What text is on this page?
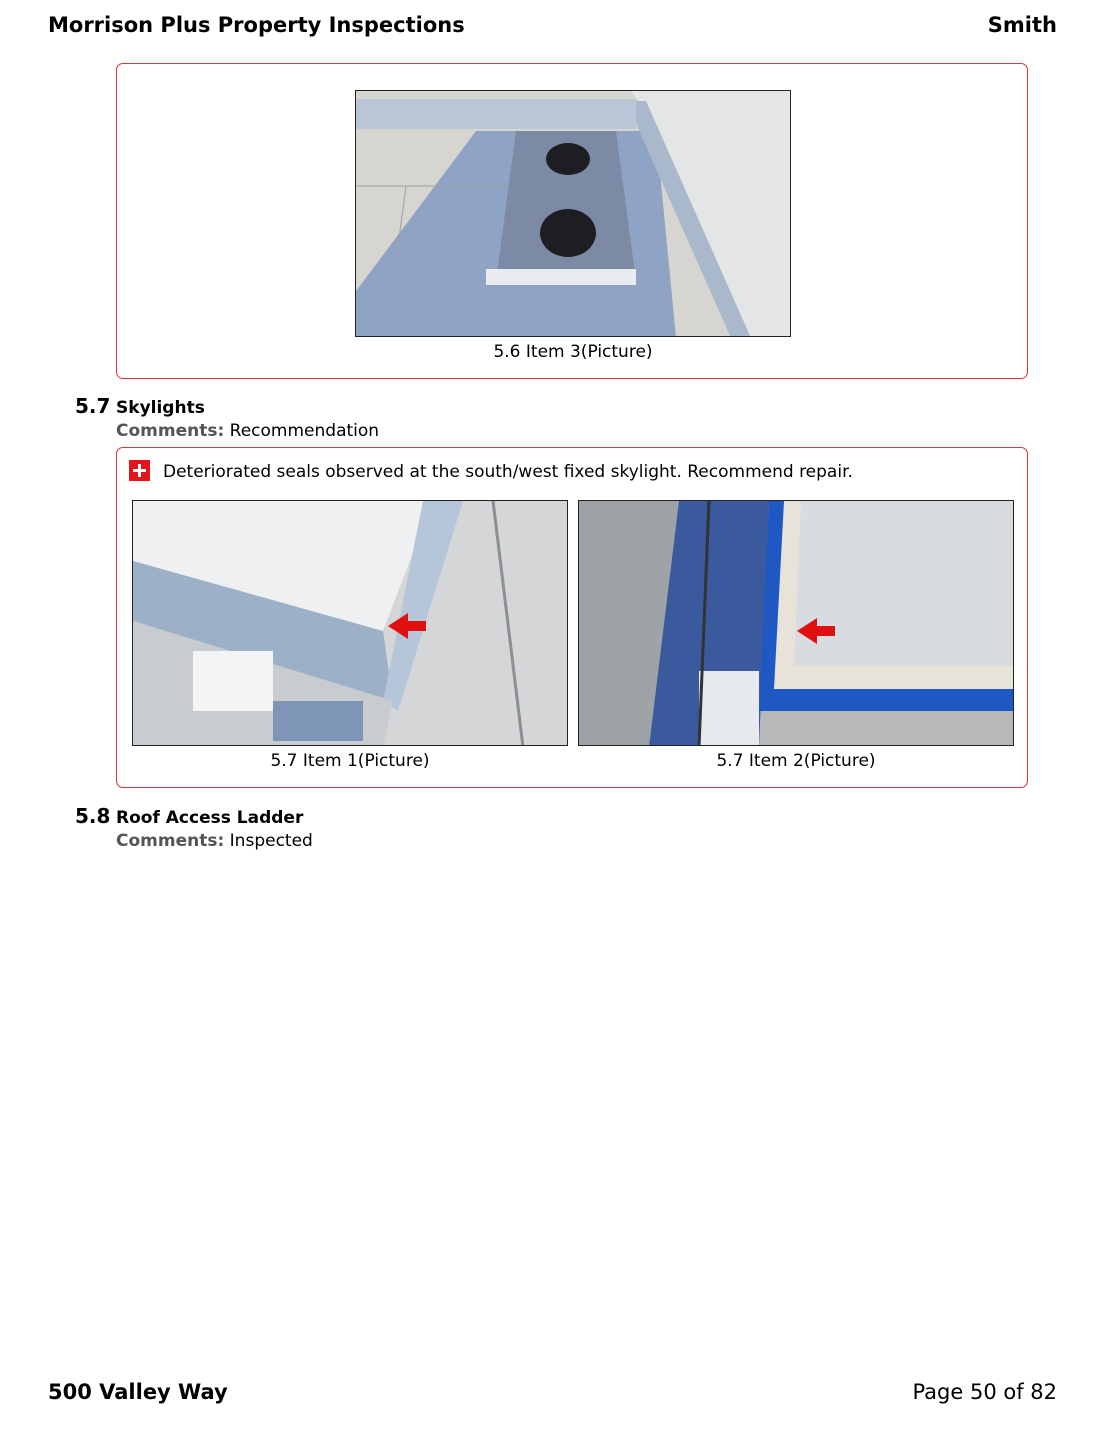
Morrison Plus Property Inspections	Smith
5.6 Item 3(Picture)
5.7 Skylights
Comments: Recommendation
Deteriorated seals observed at the south/west fixed skylight. Recommend repair.
5.7 Item 1(Picture)	5.7 Item 2(Picture)
5.8 Roof Access Ladder
Comments: Inspected
500 Valley Way	Page 50 of 82
